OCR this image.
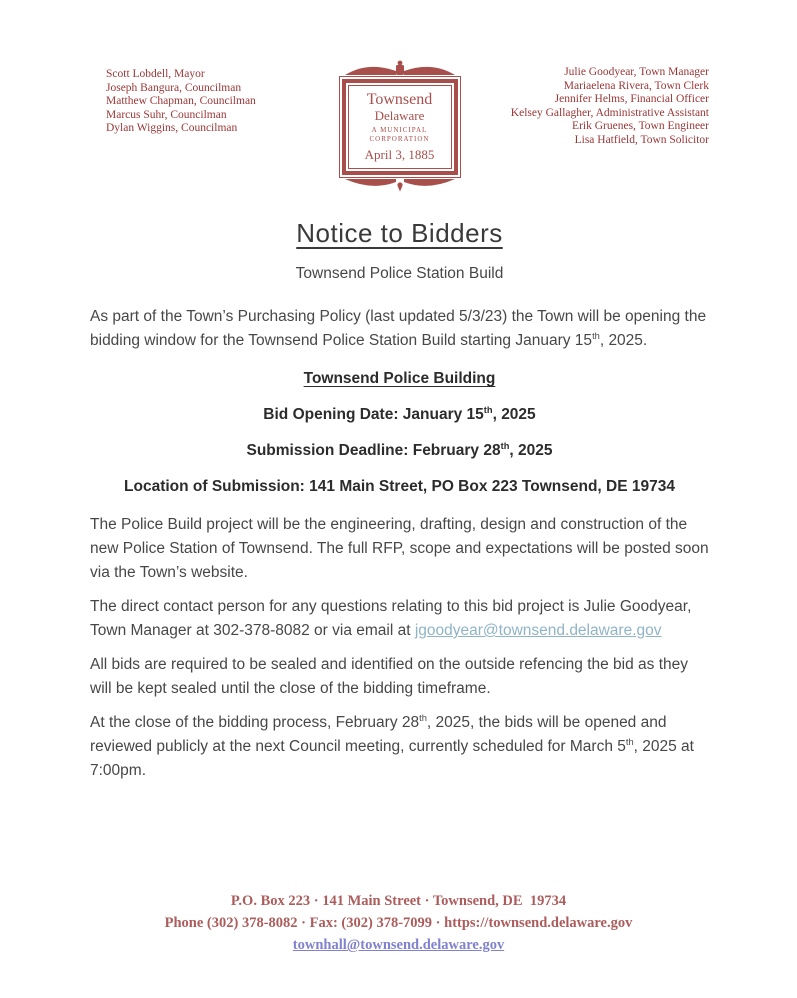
Scott Lobdell, Mayor
Joseph Bangura, Councilman
Matthew Chapman, Councilman
Marcus Suhr, Councilman
Dylan Wiggins, Councilman
Townsend
Delaware
A MUNICIPAL
CORPORATION
April 3, 1885
Julie Goodyear, Town Manager
Mariaelena Rivera, Town Clerk
Jennifer Helms, Financial Officer
Kelsey Gallagher, Administrative Assistant
Erik Gruenes, Town Engineer
Lisa Hatfield, Town Solicitor
Notice to Bidders
Townsend Police Station Build

As part of the Town’s Purchasing Policy (last updated 5/3/23) the Town will be opening the bidding window for the Townsend Police Station Build starting January 15th, 2025.

Townsend Police Building
Bid Opening Date: January 15th, 2025
Submission Deadline: February 28th, 2025
Location of Submission: 141 Main Street, PO Box 223 Townsend, DE 19734

The Police Build project will be the engineering, drafting, design and construction of the new Police Station of Townsend. The full RFP, scope and expectations will be posted soon via the Town’s website.

The direct contact person for any questions relating to this bid project is Julie Goodyear, Town Manager at 302-378-8082 or via email at jgoodyear@townsend.delaware.gov

All bids are required to be sealed and identified on the outside refencing the bid as they will be kept sealed until the close of the bidding timeframe.

At the close of the bidding process, February 28th, 2025, the bids will be opened and reviewed publicly at the next Council meeting, currently scheduled for March 5th, 2025 at 7:00pm.

P.O. Box 223 · 141 Main Street · Townsend, DE  19734
Phone (302) 378-8082 · Fax: (302) 378-7099 · https://townsend.delaware.gov
townhall@townsend.delaware.gov
